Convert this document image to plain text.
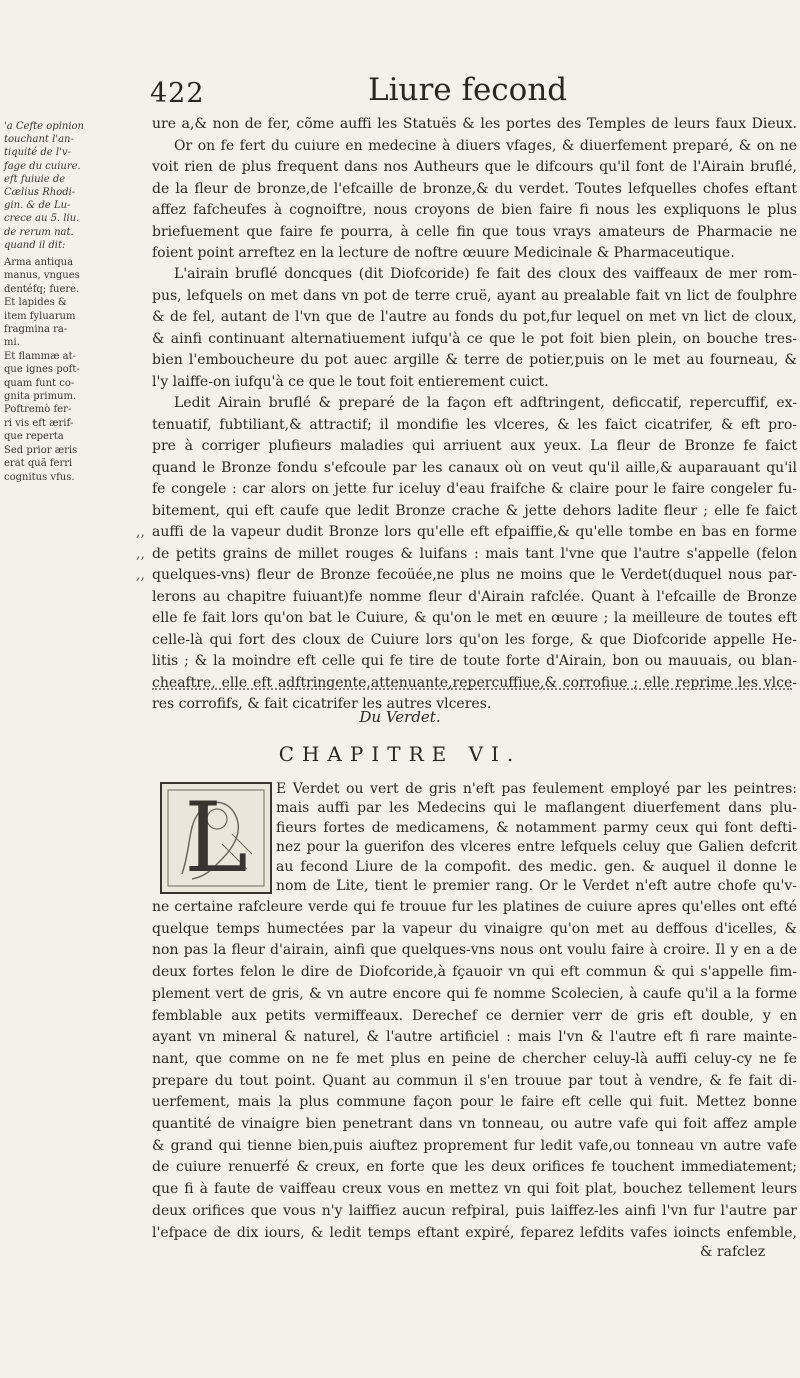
422	Liure fecond
'a Cefte opinion
touchant l'an-
tiquité de l'v-
fage du cuiure.
eft fuiuie de
Cælius Rhodi-
gin. & de Lu-
crece au 5. liu.
de rerum nat.
quand il dit:
Arma antiqua
manus, vngues
dentéfq; fuere.
Et lapides &
item fyluarum
fragmina ra-
mi.
Et flammæ at-
que ignes poft-
quam funt co-
gnita primum.
Poftremò fer-
ri vis eft ærif-
que reperta
Sed prior æris
erat quã ferri
cognitus vfus.
ure a,& non de fer, cõme auffi les Statuës & les portes des Temples de leurs faux Dieux.
Or on fe fert du cuiure en medecine à diuers vfages, & diuerfement preparé, & on ne
voit rien de plus frequent dans nos Autheurs que le difcours qu'il font de l'Airain bruflé,
de la fleur de bronze,de l'efcaille de bronze,& du verdet. Toutes lefquelles chofes eftant
affez fafcheufes à cognoiftre, nous croyons de bien faire fi nous les expliquons le plus
briefuement que faire fe pourra, à celle fin que tous vrays amateurs de Pharmacie ne
foient point arreftez en la lecture de noftre œuure Medicinale & Pharmaceutique.
L'airain bruflé doncques (dit Diofcoride) fe fait des cloux des vaiffeaux de mer rom-
pus, lefquels on met dans vn pot de terre cruë, ayant au prealable fait vn lict de foulphre
& de fel, autant de l'vn que de l'autre au fonds du pot,fur lequel on met vn lict de cloux,
& ainfi continuant alternatiuement iufqu'à ce que le pot foit bien plein, on bouche tres-
bien l'emboucheure du pot auec argille & terre de potier,puis on le met au fourneau, &
l'y laiffe-on iufqu'à ce que le tout foit entierement cuict.
,,
,,
,,
Ledit Airain bruflé & preparé de la façon eft adftringent, deficcatif, repercuffif, ex-
tenuatif, fubtiliant,& attractif; il mondifie les vlceres, & les faict cicatrifer, & eft pro-
pre à corriger plufieurs maladies qui arriuent aux yeux. La fleur de Bronze fe faict
quand le Bronze fondu s'efcoule par les canaux où on veut qu'il aille,& auparauant qu'il
fe congele : car alors on jette fur iceluy d'eau fraifche & claire pour le faire congeler fu-
bitement, qui eft caufe que ledit Bronze crache & jette dehors ladite fleur ; elle fe faict
auffi de la vapeur dudit Bronze lors qu'elle eft efpaiffie,& qu'elle tombe en bas en forme
de petits grains de millet rouges & luifans : mais tant l'vne que l'autre s'appelle (felon
quelques-vns) fleur de Bronze fecoüée,ne plus ne moins que le Verdet(duquel nous par-
lerons au chapitre fuiuant)fe nomme fleur d'Airain rafclée. Quant à l'efcaille de Bronze
elle fe fait lors qu'on bat le Cuiure, & qu'on le met en œuure ; la meilleure de toutes eft
celle-là qui fort des cloux de Cuiure lors qu'on les forge, & que Diofcoride appelle He-
litis ; & la moindre eft celle qui fe tire de toute forte d'Airain, bon ou mauuais, ou blan-
cheaftre, elle eft adftringente,attenuante,repercuffiue,& corrofiue ; elle reprime les vlce-
res corrofifs, & fait cicatrifer les autres vlceres.
Du Verdet.
CHAPITRE VI.
L	E Verdet ou vert de gris n'eft pas feulement employé par les peintres:
mais auffi par les Medecins qui le maflangent diuerfement dans plu-
fieurs fortes de medicamens, & notamment parmy ceux qui font defti-
nez pour la guerifon des vlceres entre lefquels celuy que Galien defcrit
au fecond Liure de la compofit. des medic. gen. & auquel il donne le
nom de Lite, tient le premier rang. Or le Verdet n'eft autre chofe qu'v-
ne certaine rafcleure verde qui fe trouue fur les platines de cuiure apres qu'elles ont efté
quelque temps humectées par la vapeur du vinaigre qu'on met au deffous d'icelles, &
non pas la fleur d'airain, ainfi que quelques-vns nous ont voulu faire à croire. Il y en a de
deux fortes felon le dire de Diofcoride,à fçauoir vn qui eft commun & qui s'appelle fim-
plement vert de gris, & vn autre encore qui fe nomme Scolecien, à caufe qu'il a la forme
femblable aux petits vermiffeaux. Derechef ce dernier verr de gris eft double, y en
ayant vn mineral & naturel, & l'autre artificiel : mais l'vn & l'autre eft fi rare mainte-
nant, que comme on ne fe met plus en peine de chercher celuy-là auffi celuy-cy ne fe
prepare du tout point. Quant au commun il s'en trouue par tout à vendre, & fe fait di-
uerfement, mais la plus commune façon pour le faire eft celle qui fuit. Mettez bonne
quantité de vinaigre bien penetrant dans vn tonneau, ou autre vafe qui foit affez ample
& grand qui tienne bien,puis aiuftez proprement fur ledit vafe,ou tonneau vn autre vafe
de cuiure renuerfé & creux, en forte que les deux orifices fe touchent immediatement;
que fi à faute de vaiffeau creux vous en mettez vn qui foit plat, bouchez tellement leurs
deux orifices que vous n'y laiffiez aucun refpiral, puis laiffez-les ainfi l'vn fur l'autre par
l'efpace de dix iours, & ledit temps eftant expiré, feparez lefdits vafes ioincts enfemble,
& rafclez
